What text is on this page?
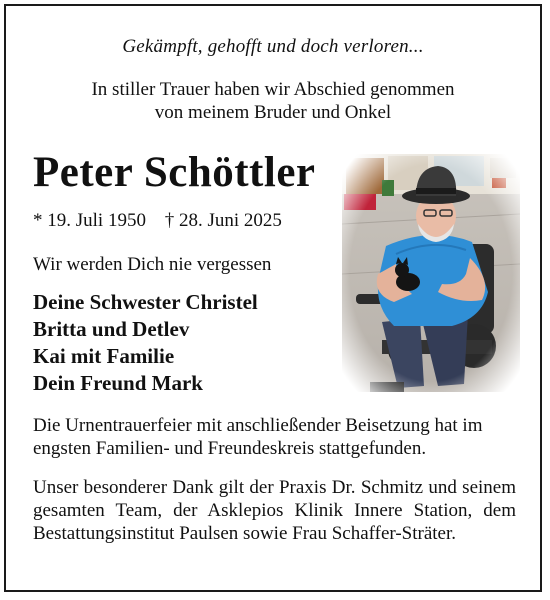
Gekämpft, gehofft und doch verloren...
In stiller Trauer haben wir Abschied genommen
von meinem Bruder und Onkel
Peter Schöttler
* 19. Juli 1950 † 28. Juni 2025
Wir werden Dich nie vergessen
Deine Schwester Christel
Britta und Detlev
Kai mit Familie
Dein Freund Mark
Die Urnentrauerfeier mit anschließender Beisetzung hat im engsten Familien- und Freundeskreis stattgefunden.
Unser besonderer Dank gilt der Praxis Dr. Schmitz und seinem gesamten Team, der Asklepios Klinik Innere Station, dem Bestattungsinstitut Paulsen sowie Frau Schaffer-Sträter.
